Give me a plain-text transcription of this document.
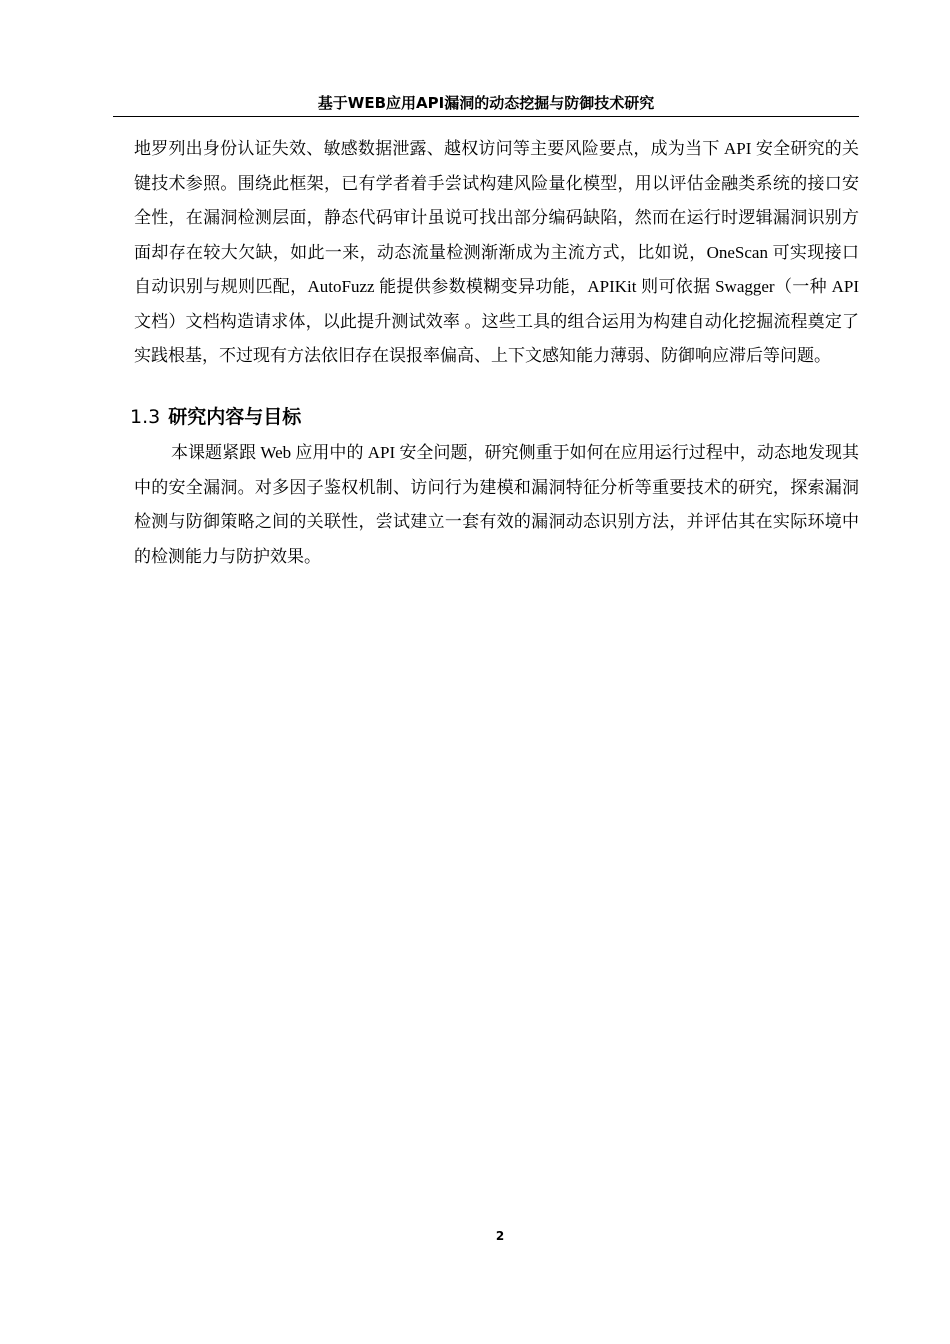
基于WEB应用API漏洞的动态挖掘与防御技术研究

地罗列出身份认证失效、敏感数据泄露、越权访问等主要风险要点，成为当下 API 安全研究的关键技术参照。围绕此框架，已有学者着手尝试构建风险量化模型，用以评估金融类系统的接口安全性，在漏洞检测层面，静态代码审计虽说可找出部分编码缺陷，然而在运行时逻辑漏洞识别方面却存在较大欠缺，如此一来，动态流量检测渐渐成为主流方式，比如说，OneScan 可实现接口自动识别与规则匹配，AutoFuzz 能提供参数模糊变异功能，APIKit 则可依据 Swagger（一种 API 文档）文档构造请求体，以此提升测试效率 。这些工具的组合运用为构建自动化挖掘流程奠定了实践根基，不过现有方法依旧存在误报率偏高、上下文感知能力薄弱、防御响应滞后等问题。

1.3 研究内容与目标

本课题紧跟 Web 应用中的 API 安全问题，研究侧重于如何在应用运行过程中，动态地发现其中的安全漏洞。对多因子鉴权机制、访问行为建模和漏洞特征分析等重要技术的研究，探索漏洞检测与防御策略之间的关联性，尝试建立一套有效的漏洞动态识别方法，并评估其在实际环境中的检测能力与防护效果。

2
